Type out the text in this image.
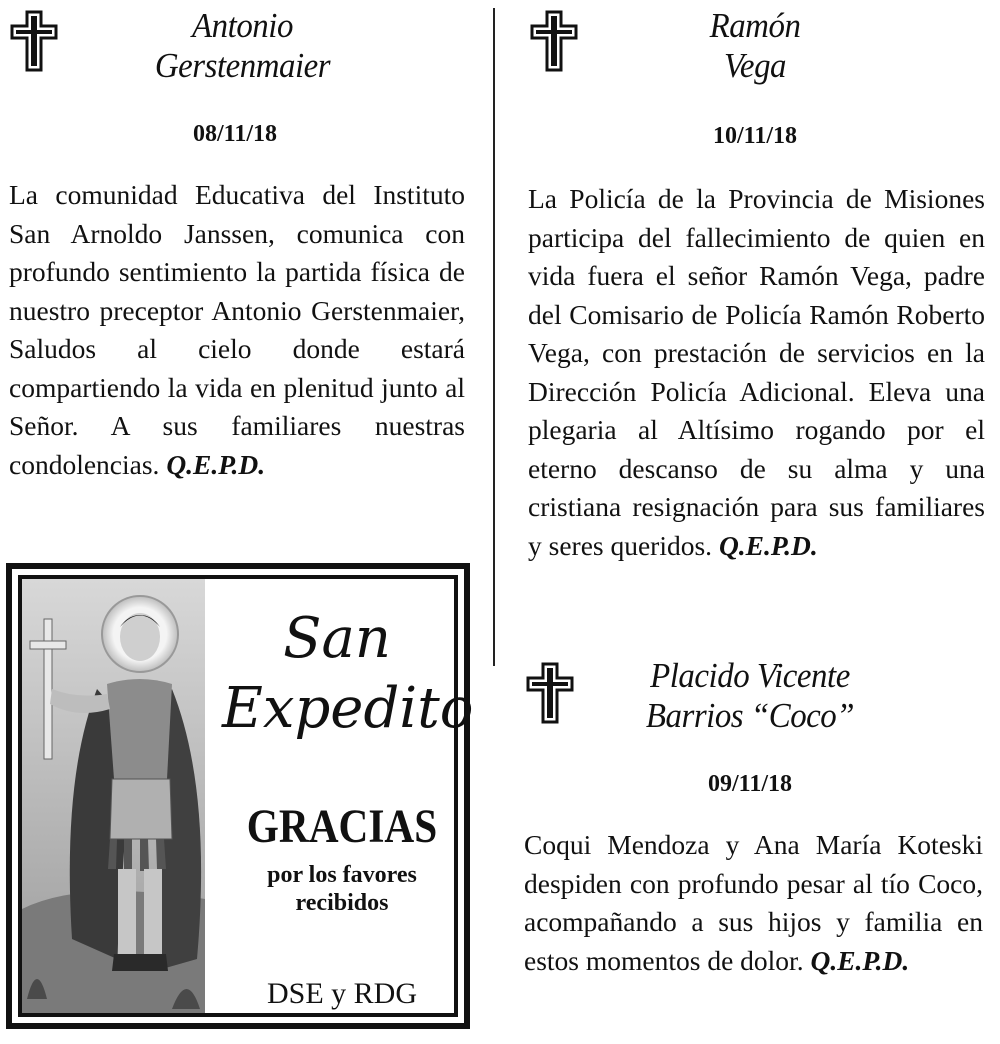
Antonio
Gerstenmaier
08/11/18
La comunidad Educativa del Instituto San Arnoldo Janssen, comunica con profundo sentimiento la partida física de nuestro preceptor Antonio Gerstenmaier, Saludos al cielo donde estará compartiendo la vida en plenitud junto al Señor. A sus familiares nuestras condolencias. Q.E.P.D.
Ramón
Vega
10/11/18
La Policía de la Provincia de Misiones participa del fallecimiento de quien en vida fuera el señor Ramón Vega, padre del Comisario de Policía Ramón Roberto Vega, con prestación de servicios en la Dirección Policía Adicional. Eleva una plegaria al Altísimo rogando por el eterno descanso de su alma y una cristiana resignación para sus familiares y seres queridos. Q.E.P.D.
Placido Vicente
Barrios “Coco”
09/11/18
Coqui Mendoza y Ana María Koteski despiden con profundo pesar al tío Coco, acompañando a sus hijos y familia en estos momentos de dolor. Q.E.P.D.
San
Expedito
GRACIAS
por los favores
recibidos
DSE y RDG
